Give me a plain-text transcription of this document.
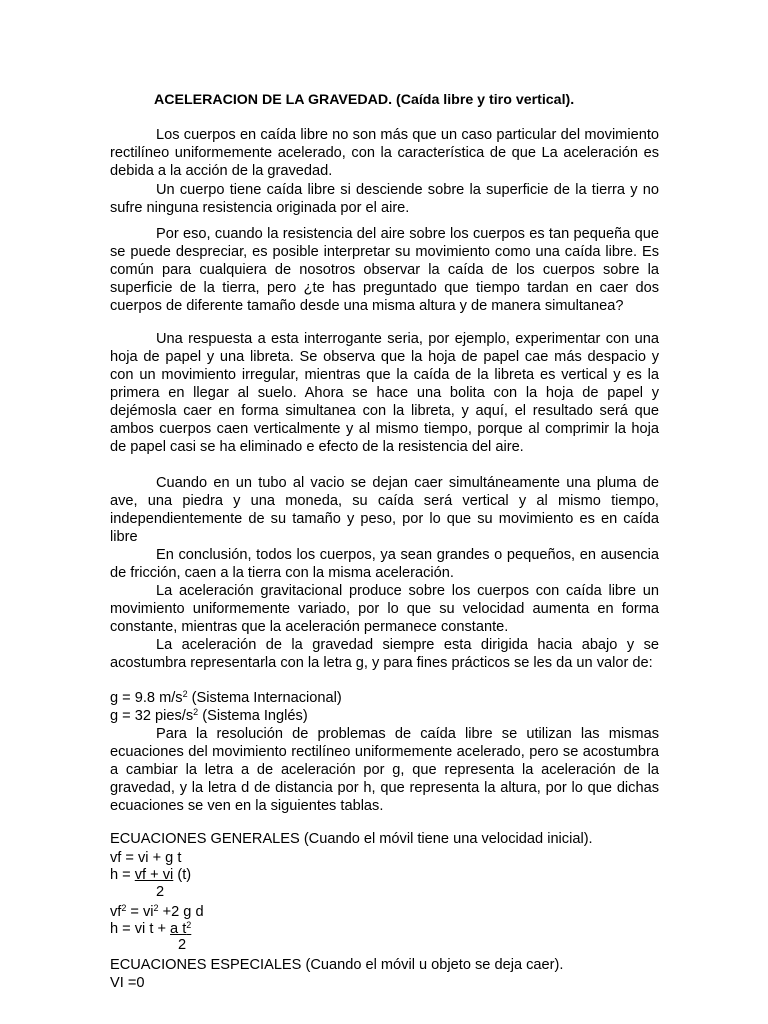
ACELERACION DE LA GRAVEDAD. (Caída libre y tiro vertical).
Los cuerpos en caída libre no son más que un caso particular del movimiento rectilíneo uniformemente acelerado, con la característica de que La aceleración es debida a la acción de la gravedad.
Un cuerpo tiene caída libre si desciende sobre la superficie de la tierra y no sufre ninguna resistencia originada por el aire.
Por eso, cuando la resistencia del aire sobre los cuerpos es tan pequeña que se puede despreciar, es posible interpretar su movimiento como una caída libre. Es común para cualquiera de nosotros observar la caída de los cuerpos sobre la superficie de la tierra, pero ¿te has preguntado que tiempo tardan en caer dos cuerpos de diferente tamaño desde una misma altura y de manera simultanea?
Una respuesta a esta interrogante seria, por ejemplo, experimentar con una hoja de papel y una libreta. Se observa que la hoja de papel cae más despacio y con un movimiento irregular, mientras que la caída de la libreta es vertical y es la primera en llegar al suelo. Ahora se hace una bolita con la hoja de papel y dejémosla caer en forma simultanea con la libreta, y aquí, el resultado será que ambos cuerpos caen verticalmente y al mismo tiempo, porque al comprimir la hoja de papel casi se ha eliminado e efecto de la resistencia del aire.
Cuando en un tubo al vacio se dejan caer simultáneamente una pluma de ave, una piedra y una moneda, su caída será vertical y al mismo tiempo, independientemente de su tamaño y peso, por lo que su movimiento es en caída libre
En conclusión, todos los cuerpos, ya sean grandes o pequeños, en ausencia de fricción, caen a la tierra con la misma aceleración.
La aceleración gravitacional produce sobre los cuerpos con caída libre un movimiento uniformemente variado, por lo que su velocidad aumenta en forma constante, mientras que la aceleración permanece constante.
La aceleración de la gravedad siempre esta dirigida hacia abajo y se acostumbra representarla con la letra g, y para fines prácticos se les da un valor de:
g = 9.8 $m/s^2$ (Sistema Internacional)
g = 32 pies/$s^2$ (Sistema Inglés)
Para la resolución de problemas de caída libre se utilizan las mismas ecuaciones del movimiento rectilíneo uniformemente acelerado, pero se acostumbra a cambiar la letra a de aceleración por g, que representa la aceleración de la gravedad, y la letra d de distancia por h, que representa la altura, por lo que dichas ecuaciones se ven en la siguientes tablas.
ECUACIONES GENERALES (Cuando el móvil tiene una velocidad inicial).
vf = vi + g t
h = vf + vi (t)
2
$vf^2 = vi^2 +2$ g d
h = vi t + a $t^2$
2
ECUACIONES ESPECIALES (Cuando el móvil u objeto se deja caer).
VI =0
